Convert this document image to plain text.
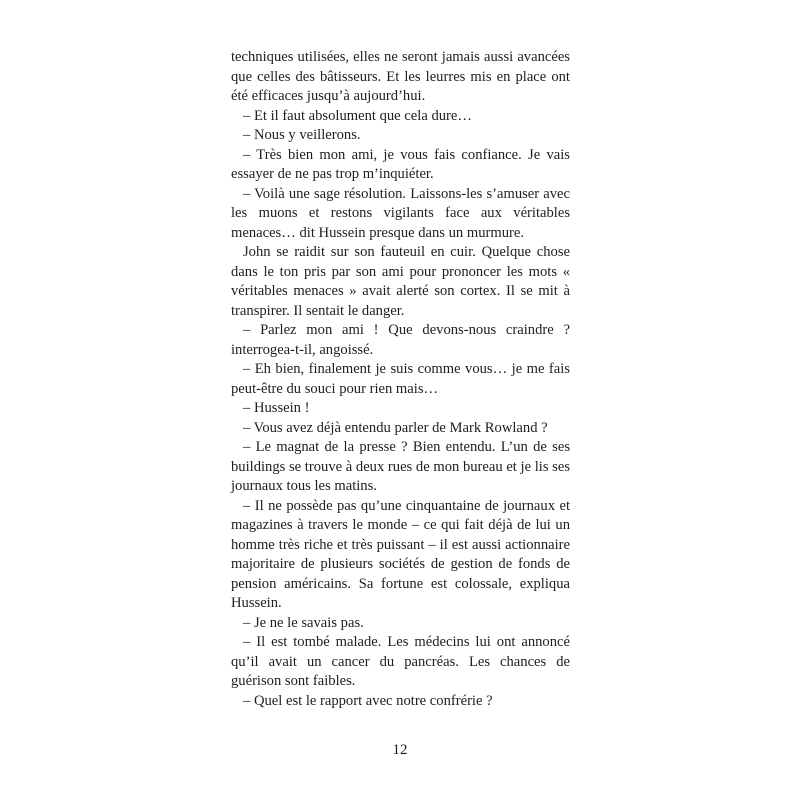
techniques utilisées, elles ne seront jamais aussi avancées que celles des bâtisseurs. Et les leurres mis en place ont été efficaces jusqu’à aujourd’hui.

– Et il faut absolument que cela dure…

– Nous y veillerons.

– Très bien mon ami, je vous fais confiance. Je vais essayer de ne pas trop m’inquiéter.

– Voilà une sage résolution. Laissons-les s’amuser avec les muons et restons vigilants face aux véritables menaces… dit Hussein presque dans un murmure.

John se raidit sur son fauteuil en cuir. Quelque chose dans le ton pris par son ami pour prononcer les mots « véritables menaces » avait alerté son cortex. Il se mit à transpirer. Il sentait le danger.

– Parlez mon ami ! Que devons-nous craindre ? interrogea-t-il, angoissé.

– Eh bien, finalement je suis comme vous… je me fais peut-être du souci pour rien mais…

– Hussein !

– Vous avez déjà entendu parler de Mark Rowland ?

– Le magnat de la presse ? Bien entendu. L’un de ses buildings se trouve à deux rues de mon bureau et je lis ses journaux tous les matins.

– Il ne possède pas qu’une cinquantaine de journaux et magazines à travers le monde – ce qui fait déjà de lui un homme très riche et très puissant – il est aussi actionnaire majoritaire de plusieurs sociétés de gestion de fonds de pension américains. Sa fortune est colossale, expliqua Hussein.

– Je ne le savais pas.

– Il est tombé malade. Les médecins lui ont annoncé qu’il avait un cancer du pancréas. Les chances de guérison sont faibles.

– Quel est le rapport avec notre confrérie ?

12
